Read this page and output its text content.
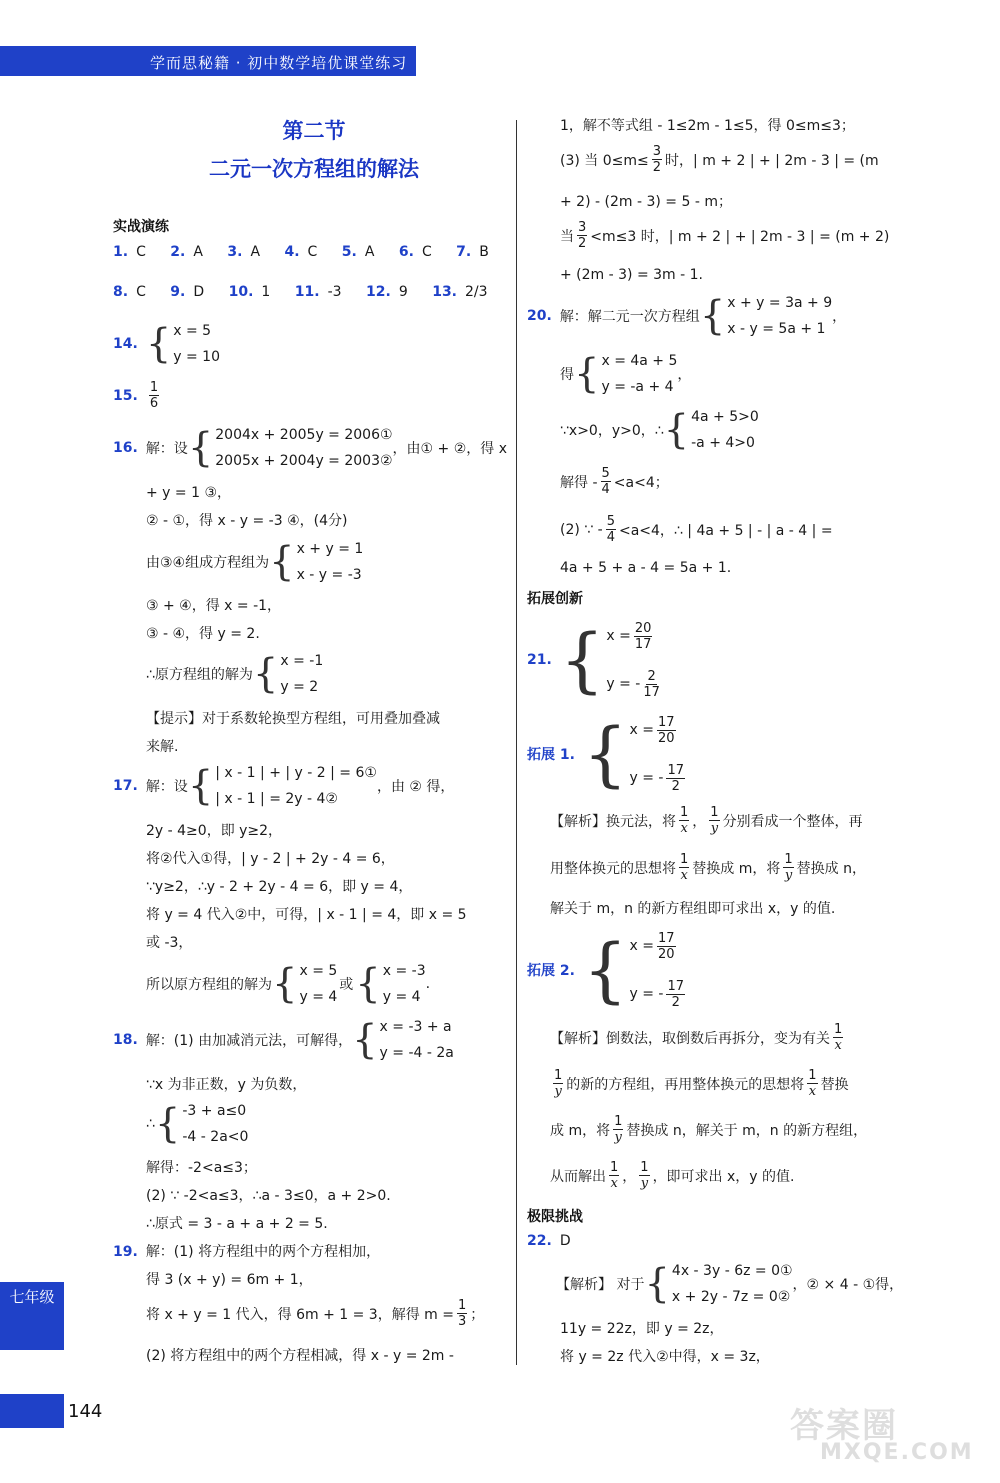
学而思秘籍 · 初中数学培优课堂练习
第二节
二元一次方程组的解法
实战演练
1. C 2. A 3. A 4. C 5. A 6. C 7. B
8. C 9. D 10. 1 11. -3 12. 9 13. 2/3
14. { x = 5
y = 10
15. $\frac{1}{6}$
16. 解：设 { 2004x + 2005y = 2006①
2005x + 2004y = 2003②
，由① + ②，得 x
+ y = 1 ③，
② - ①，得 x - y = -3 ④，(4分)
由③④组成方程组为 { x + y = 1
x - y = -3
③ + ④，得 x = -1，
③ - ④，得 y = 2.
∴原方程组的解为 { x = -1
y = 2
【提示】对于系数轮换型方程组，可用叠加叠减
来解.
17. 解：设 { | x - 1 | + | y - 2 | = 6①
| x - 1 | = 2y - 4②
，由 ② 得，
2y - 4≥0，即 y≥2，
将②代入①得，| y - 2 | + 2y - 4 = 6，
∵y≥2，∴y - 2 + 2y - 4 = 6，即 y = 4，
将 y = 4 代入②中，可得，| x - 1 | = 4，即 x = 5
或 -3，
所以原方程组的解为 { x = 5
y = 4
或 { x = -3
y = 4
.
18. 解：(1) 由加减消元法，可解得， { x = -3 + a
y = -4 - 2a
∵x 为非正数，y 为负数，
∴ { -3 + a≤0
-4 - 2a<0
解得：-2<a≤3；
(2) ∵ -2<a≤3，∴a - 3≤0，a + 2>0.
∴原式 = 3 - a + a + 2 = 5.
19. 解：(1) 将方程组中的两个方程相加，
得 3 (x + y) = 6m + 1，
将 x + y = 1 代入，得 6m + 1 = 3，解得 $m = \frac{1}{3}$ ；
(2) 将方程组中的两个方程相减，得 x - y = 2m -
1，解不等式组 - 1≤2m - 1≤5，得 0≤m≤3；
(3) 当 $0\le m\le \frac{3}{2}$ 时，| m + 2 | + | 2m - 3 | = (m
+ 2) - (2m - 3) = 5 - m；
当 $\frac{3}{2} <m\le 3$ 时，| m + 2 | + | 2m - 3 | = (m + 2)
+ (2m - 3) = 3m - 1.
20. 解：解二元一次方程组 { x + y = 3a + 9
x - y = 5a + 1
，
得 { x = 4a + 5
y = -a + 4
，
∵x>0，y>0，∴ { 4a + 5>0
-a + 4>0
解得 - $\frac{5}{4} <a<4$；
(2) ∵ - $\frac{5}{4} <a<4$，∴ | 4a + 5 | - | a - 4 | =
4a + 5 + a - 4 = 5a + 1.
拓展创新
21. { $x = \frac{20}{17}$
y = - $\frac{2}{17}$
拓展 1. { $x = \frac{17}{20}$
y = - $\frac{17}{2}$
【解析】换元法，将 $\frac{1}{x}$ ， $\frac{1}{y}$ 分别看成一个整体，再
用整体换元的思想将 $\frac{1}{x}$ 替换成 m，将 $\frac{1}{y}$ 替换成 n，
解关于 m，n 的新方程组即可求出 x，y 的值.
拓展 2. { $x = \frac{17}{20}$
y = - $\frac{17}{2}$
【解析】倒数法，取倒数后再拆分，变为有关 $\frac{1}{x}$
$\frac{1}{y}$ 的新的方程组，再用整体换元的思想将 $\frac{1}{x}$ 替换
成 m，将 $\frac{1}{y}$ 替换成 n，解关于 m，n 的新方程组，
从而解出 $\frac{1}{x}$ ， $\frac{1}{y}$ ，即可求出 x，y 的值.
极限挑战
22. D
【解析】 对于 { 4x - 3y - 6z = 0①
x + 2y - 7z = 0②
，② × 4 - ①得，
11y = 22z，即 y = 2z，
将 y = 2z 代入②中得，x = 3z，
七年级
144	答案圈
MXQE.COM
